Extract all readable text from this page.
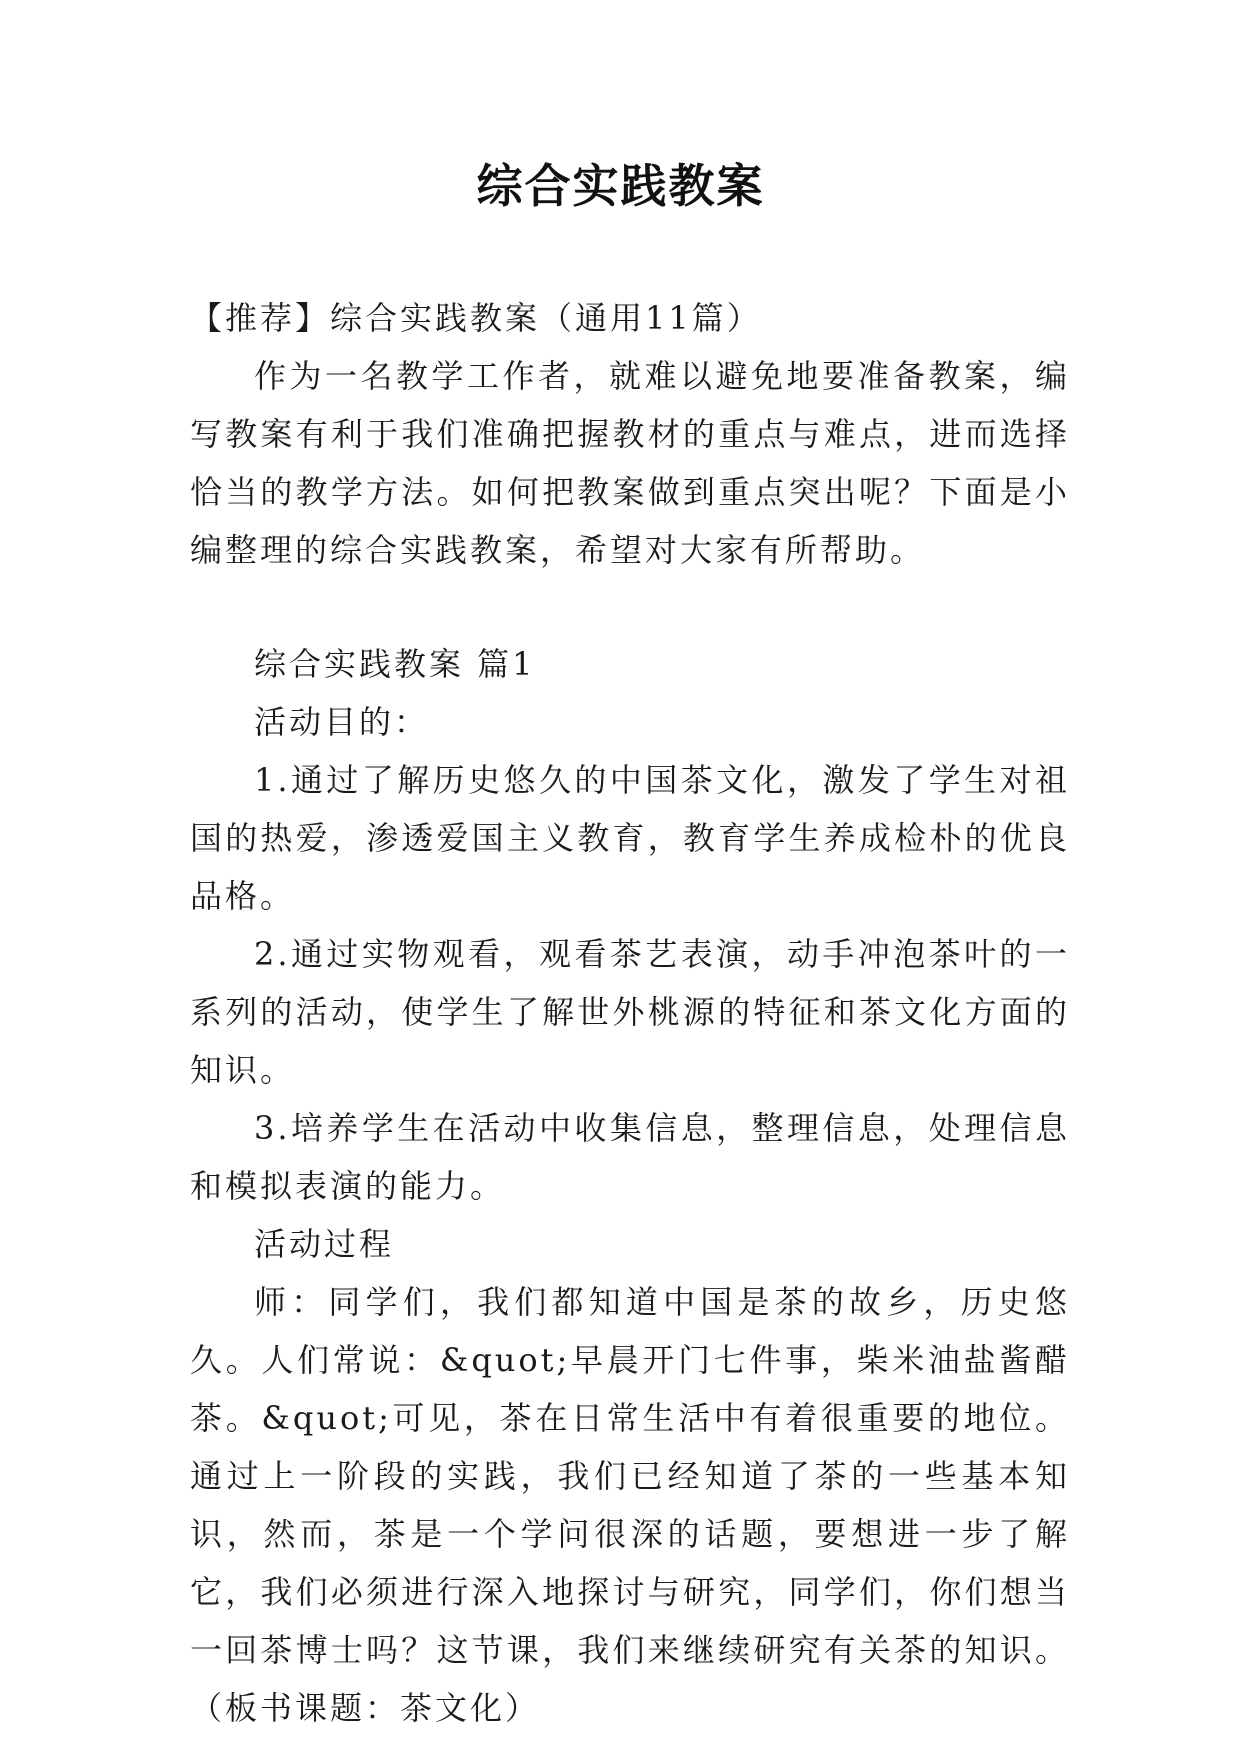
综合实践教案

【推荐】综合实践教案（通用11篇）

作为一名教学工作者，就难以避免地要准备教案，编写教案有利于我们准确把握教材的重点与难点，进而选择恰当的教学方法。如何把教案做到重点突出呢？下面是小编整理的综合实践教案，希望对大家有所帮助。

综合实践教案 篇1

活动目的：

1.通过了解历史悠久的中国茶文化，激发了学生对祖国的热爱，渗透爱国主义教育，教育学生养成检朴的优良品格。

2.通过实物观看，观看茶艺表演，动手冲泡茶叶的一系列的活动，使学生了解世外桃源的特征和茶文化方面的知识。

3.培养学生在活动中收集信息，整理信息，处理信息和模拟表演的能力。

活动过程

师：同学们，我们都知道中国是茶的故乡，历史悠久。人们常说：&quot;早晨开门七件事，柴米油盐酱醋茶。&quot;可见，茶在日常生活中有着很重要的地位。通过上一阶段的实践，我们已经知道了茶的一些基本知识，然而，茶是一个学问很深的话题，要想进一步了解它，我们必须进行深入地探讨与研究，同学们，你们想当一回茶博士吗？这节课，我们来继续研究有关茶的知识。（板书课题：茶文化）
